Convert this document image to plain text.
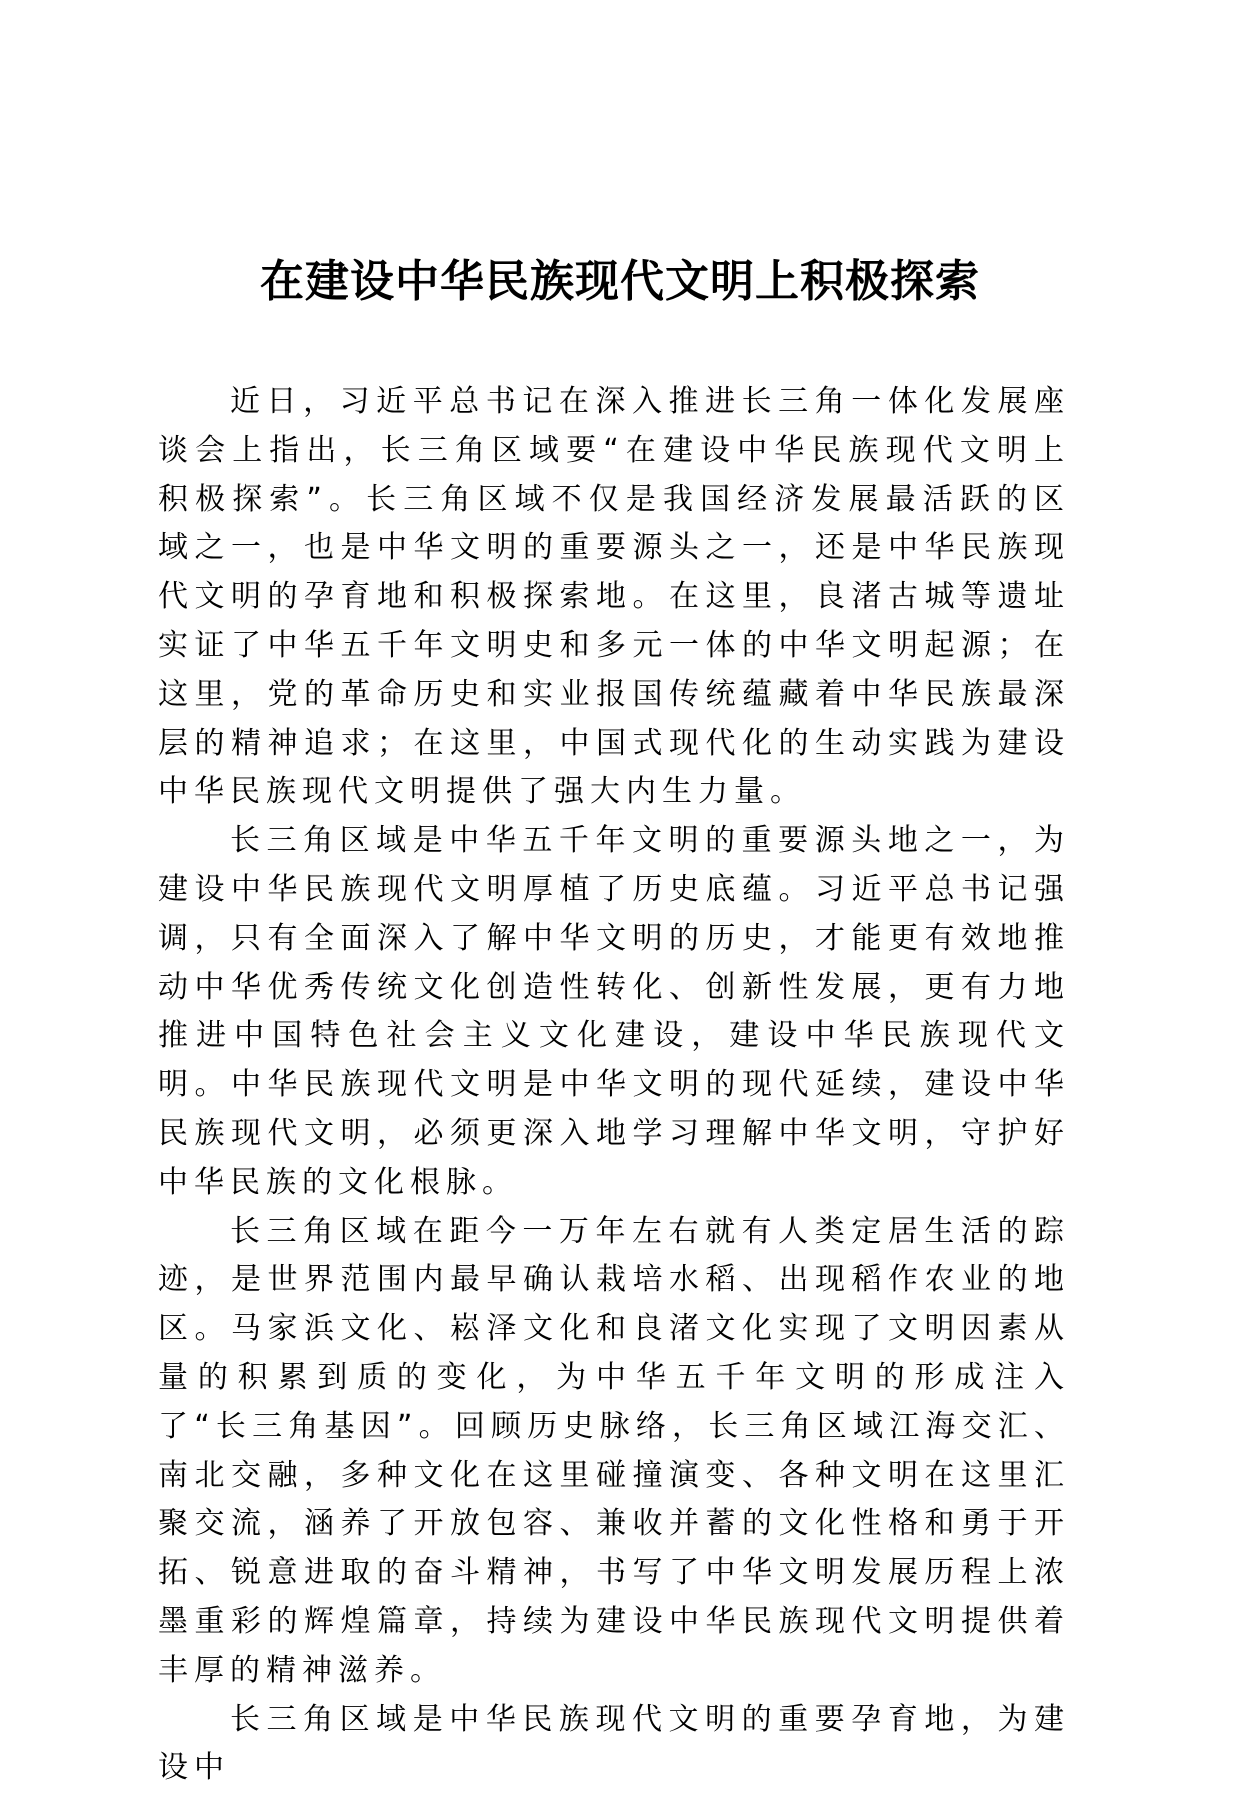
在建设中华民族现代文明上积极探索

近日，习近平总书记在深入推进长三角一体化发展座谈会上指出，长三角区域要“在建设中华民族现代文明上积极探索”。长三角区域不仅是我国经济发展最活跃的区域之一，也是中华文明的重要源头之一，还是中华民族现代文明的孕育地和积极探索地。在这里，良渚古城等遗址实证了中华五千年文明史和多元一体的中华文明起源；在这里，党的革命历史和实业报国传统蕴藏着中华民族最深层的精神追求；在这里，中国式现代化的生动实践为建设中华民族现代文明提供了强大内生力量。

长三角区域是中华五千年文明的重要源头地之一，为建设中华民族现代文明厚植了历史底蕴。习近平总书记强调，只有全面深入了解中华文明的历史，才能更有效地推动中华优秀传统文化创造性转化、创新性发展，更有力地推进中国特色社会主义文化建设，建设中华民族现代文明。中华民族现代文明是中华文明的现代延续，建设中华民族现代文明，必须更深入地学习理解中华文明，守护好中华民族的文化根脉。

长三角区域在距今一万年左右就有人类定居生活的踪迹，是世界范围内最早确认栽培水稻、出现稻作农业的地区。马家浜文化、崧泽文化和良渚文化实现了文明因素从量的积累到质的变化，为中华五千年文明的形成注入了“长三角基因”。回顾历史脉络，长三角区域江海交汇、南北交融，多种文化在这里碰撞演变、各种文明在这里汇聚交流，涵养了开放包容、兼收并蓄的文化性格和勇于开拓、锐意进取的奋斗精神，书写了中华文明发展历程上浓墨重彩的辉煌篇章，持续为建设中华民族现代文明提供着丰厚的精神滋养。

长三角区域是中华民族现代文明的重要孕育地，为建设中
